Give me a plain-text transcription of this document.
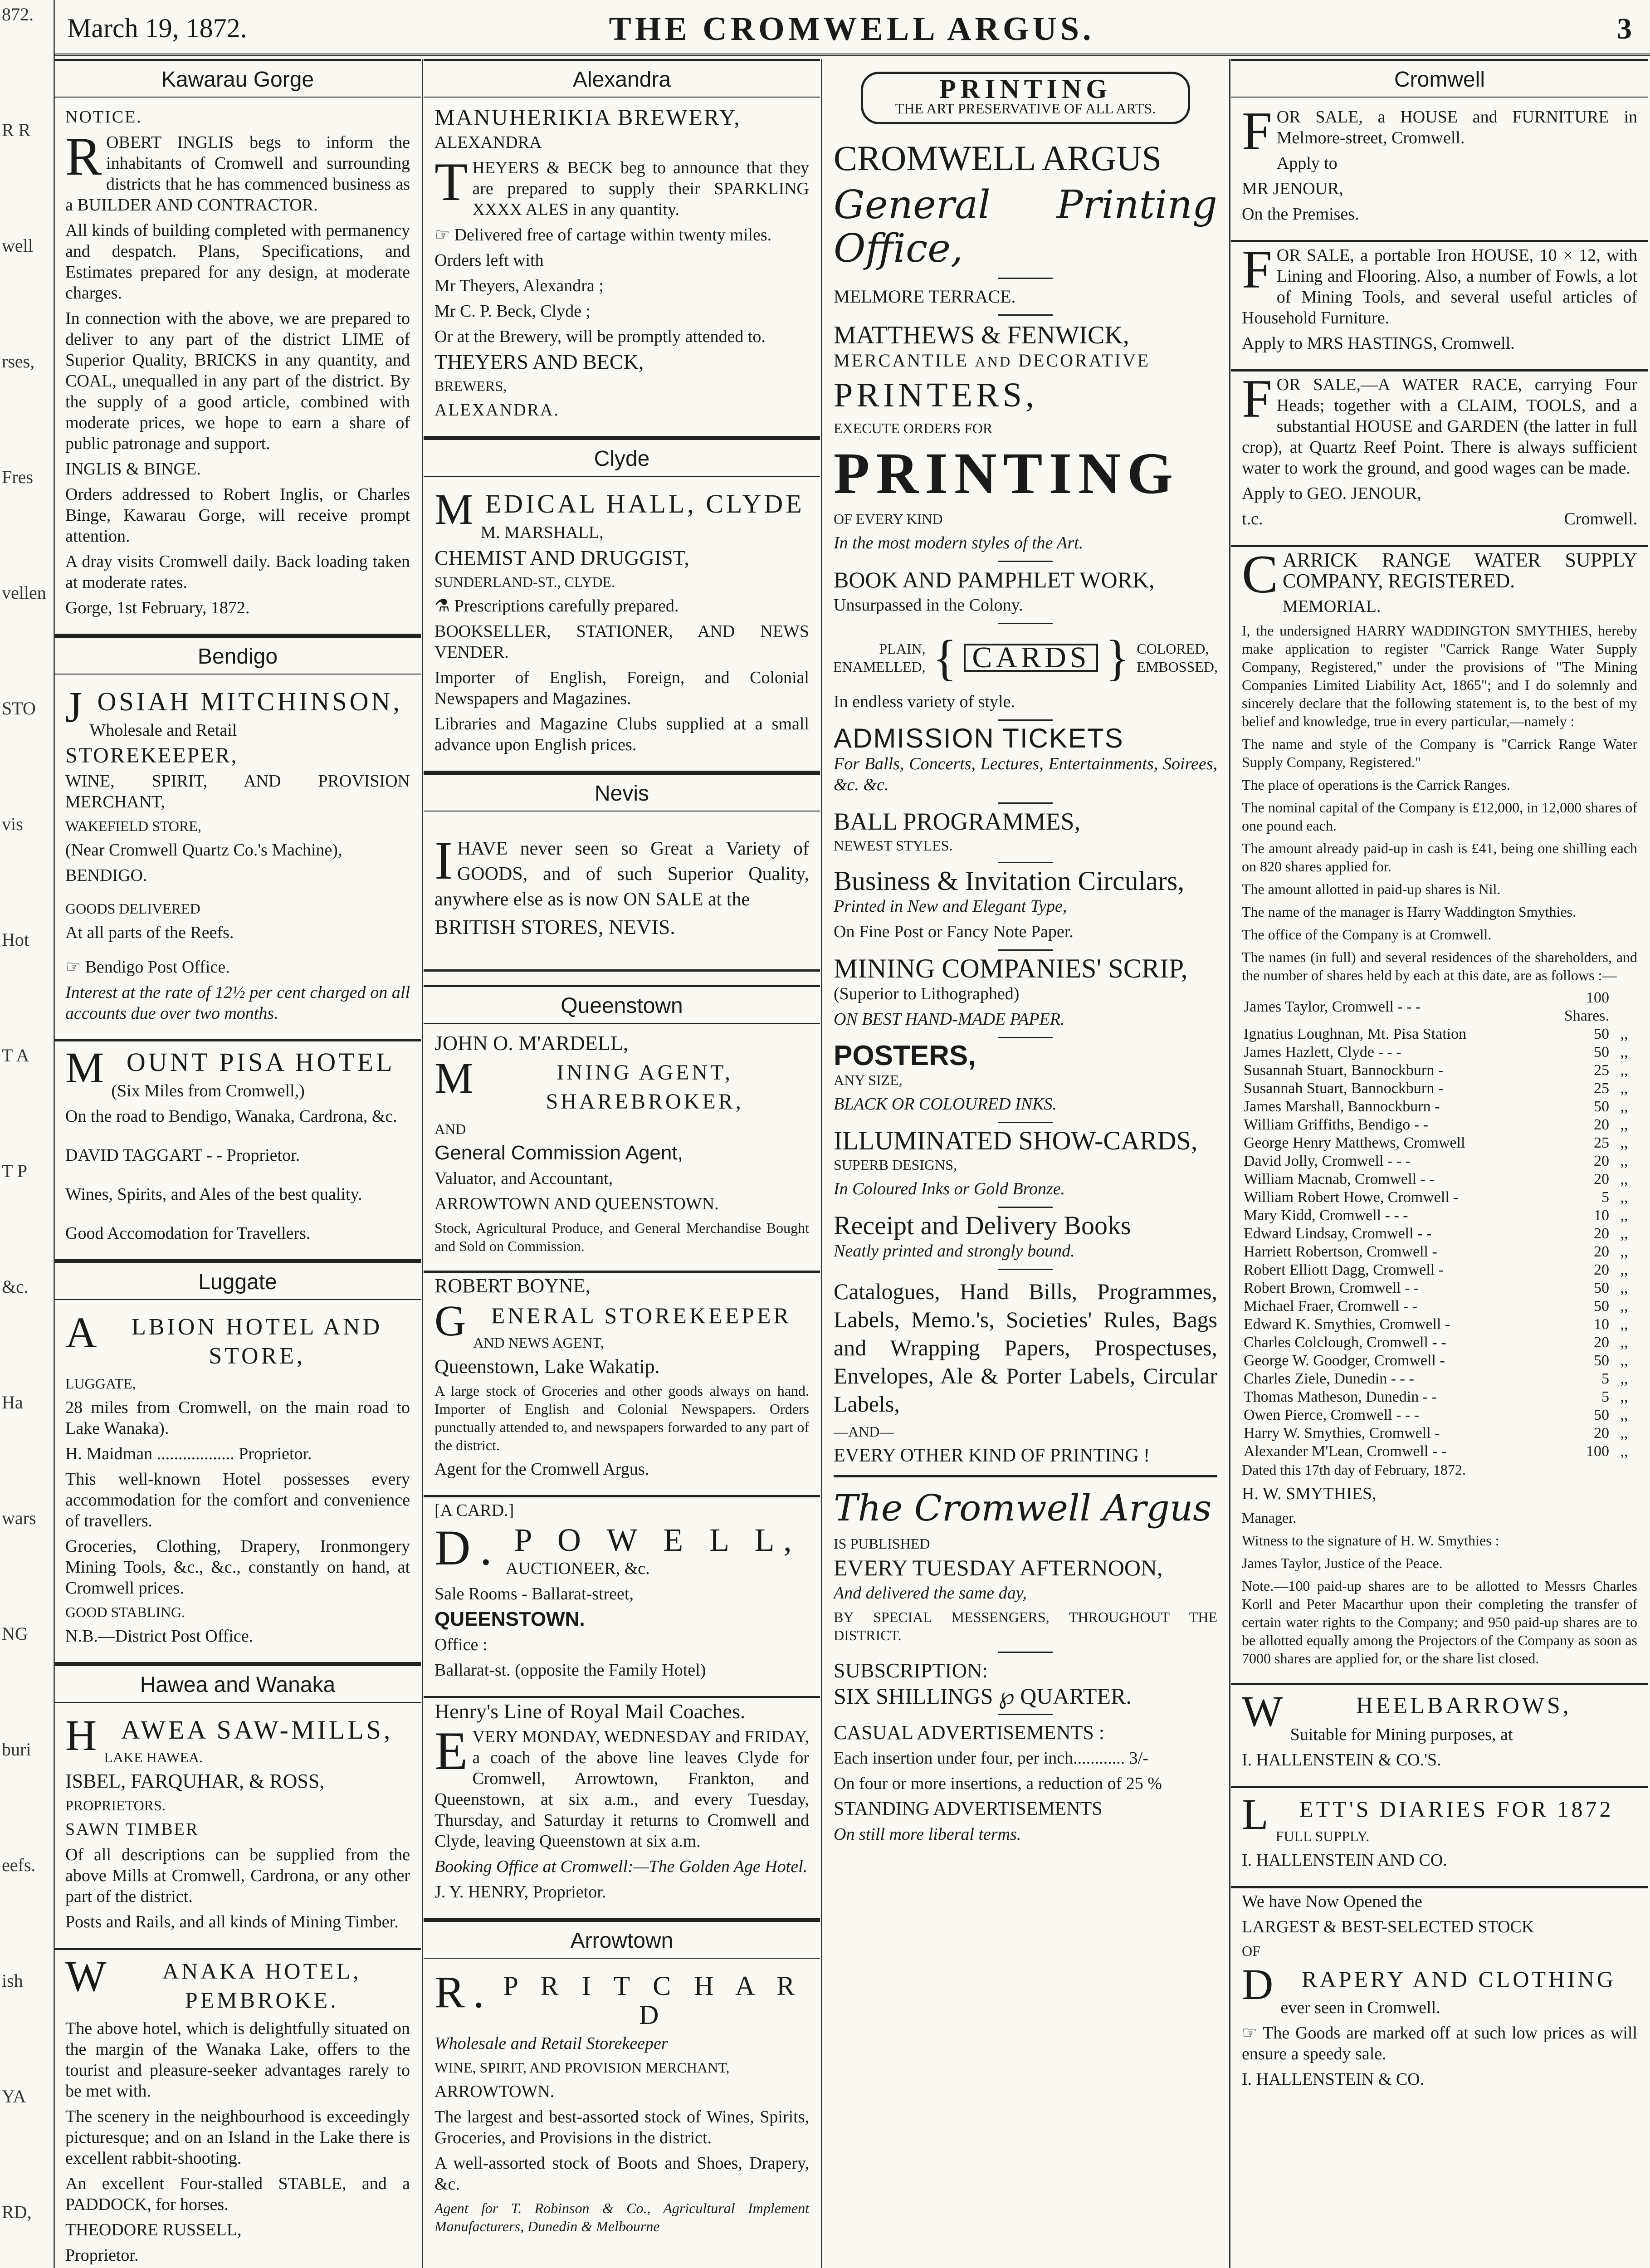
872.
R R
well
rses,
Fres
vellen
STO
vis
Hot
T A
T P
&c.
Ha
wars
NG
buri
eefs.
ish
YA
RD,
March 19, 1872.	THE CROMWELL ARGUS.	3
Kawarau Gorge

NOTICE.

ROBERT INGLIS begs to inform the inhabitants of Cromwell and surrounding districts that he has commenced business as a BUILDER AND CONTRACTOR.

All kinds of building completed with permanency and despatch. Plans, Specifications, and Estimates prepared for any design, at moderate charges.

In connection with the above, we are prepared to deliver to any part of the district LIME of Superior Quality, BRICKS in any quantity, and COAL, unequalled in any part of the district. By the supply of a good article, combined with moderate prices, we hope to earn a share of public patronage and support.

INGLIS & BINGE.

Orders addressed to Robert Inglis, or Charles Binge, Kawarau Gorge, will receive prompt attention.

A dray visits Cromwell daily. Back loading taken at moderate rates.

Gorge, 1st February, 1872.

Bendigo
JOSIAH MITCHINSON,

Wholesale and Retail

STOREKEEPER,

WINE, SPIRIT, AND PROVISION MERCHANT,

WAKEFIELD STORE,

(Near Cromwell Quartz Co.'s Machine),

BENDIGO.

GOODS DELIVERED

At all parts of the Reefs.

☞ Bendigo Post Office.

Interest at the rate of 12½ per cent charged on all accounts due over two months.

MOUNT PISA HOTEL

(Six Miles from Cromwell,)

On the road to Bendigo, Wanaka, Cardrona, &c.

DAVID TAGGART - - Proprietor.

Wines, Spirits, and Ales of the best quality.

Good Accomodation for Travellers.

Luggate
A LBION HOTEL AND STORE,

LUGGATE,

28 miles from Cromwell, on the main road to Lake Wanaka).

H. Maidman .................. Proprietor.

This well-known Hotel possesses every accommodation for the comfort and convenience of travellers.

Groceries, Clothing, Drapery, Ironmongery Mining Tools, &c., &c., constantly on hand, at Cromwell prices.

GOOD STABLING.

N.B.—District Post Office.

Hawea and Wanaka
HAWEA SAW-MILLS,

LAKE HAWEA.

ISBEL, FARQUHAR, & ROSS,

PROPRIETORS.

SAWN TIMBER

Of all descriptions can be supplied from the above Mills at Cromwell, Cardrona, or any other part of the district.

Posts and Rails, and all kinds of Mining Timber.

W ANAKA HOTEL, PEMBROKE.

The above hotel, which is delightfully situated on the margin of the Wanaka Lake, offers to the tourist and pleasure-seeker advantages rarely to be met with.

The scenery in the neighbourhood is exceedingly picturesque; and on an Island in the Lake there is excellent rabbit-shooting.

An excellent Four-stalled STABLE, and a PADDOCK, for horses.

THEODORE RUSSELL,

Proprietor.

Alexandra

MANUHERIKIA BREWERY,

ALEXANDRA

THEYERS & BECK beg to announce that they are prepared to supply their SPARKLING XXXX ALES in any quantity.

☞ Delivered free of cartage within twenty miles.

Orders left with

Mr Theyers, Alexandra ;

Mr C. P. Beck, Clyde ;

Or at the Brewery, will be promptly attended to.

THEYERS AND BECK,

BREWERS,

ALEXANDRA.

Clyde
MEDICAL HALL, CLYDE

M. MARSHALL,

CHEMIST AND DRUGGIST,

SUNDERLAND-ST., CLYDE.

⚗ Prescriptions carefully prepared.

BOOKSELLER, STATIONER, AND NEWS VENDER.

Importer of English, Foreign, and Colonial Newspapers and Magazines.

Libraries and Magazine Clubs supplied at a small advance upon English prices.

Nevis

IHAVE never seen so Great a Variety of GOODS, and of such Superior Quality, anywhere else as is now ON SALE at the

BRITISH STORES, NEVIS.

Queenstown

JOHN O. M'ARDELL,

M	INING AGENT, SHAREBROKER,

AND

General Commission Agent,

Valuator, and Accountant,

ARROWTOWN AND QUEENSTOWN.

Stock, Agricultural Produce, and General Merchandise Bought and Sold on Commission.

ROBERT BOYNE,

GENERAL STOREKEEPER

AND NEWS AGENT,

Queenstown, Lake Wakatip.

A large stock of Groceries and other goods always on hand. Importer of English and Colonial Newspapers. Orders punctually attended to, and newspapers forwarded to any part of the district.

Agent for the Cromwell Argus.

[A CARD.]

D. P O W E L L,

AUCTIONEER, &c.

Sale Rooms - Ballarat-street,

QUEENSTOWN.

Office :

Ballarat-st. (opposite the Family Hotel)

Henry's Line of Royal Mail Coaches.

EVERY MONDAY, WEDNESDAY and FRIDAY, a coach of the above line leaves Clyde for Cromwell, Arrowtown, Frankton, and Queenstown, at six a.m., and every Tuesday, Thursday, and Saturday it returns to Cromwell and Clyde, leaving Queenstown at six a.m.

Booking Office at Cromwell:—The Golden Age Hotel.

J. Y. HENRY, Proprietor.

Arrowtown
R. P R I T C H A R D

Wholesale and Retail Storekeeper

WINE, SPIRIT, AND PROVISION MERCHANT,

ARROWTOWN.

The largest and best-assorted stock of Wines, Spirits, Groceries, and Provisions in the district.

A well-assorted stock of Boots and Shoes, Drapery, &c.

Agent for T. Robinson & Co., Agricultural Implement Manufacturers, Dunedin & Melbourne

PRINTING
THE ART PRESERVATIVE OF ALL ARTS.

CROMWELL ARGUS

General Printing Office,

MELMORE TERRACE.

MATTHEWS & FENWICK,

MERCANTILE AND DECORATIVE

PRINTERS,

EXECUTE ORDERS FOR

PRINTING

OF EVERY KIND

In the most modern styles of the Art.

BOOK AND PAMPHLET WORK,

Unsurpassed in the Colony.

PLAIN,
ENAMELLED, { CARDS } COLORED,
EMBOSSED,

In endless variety of style.

ADMISSION TICKETS

For Balls, Concerts, Lectures, Entertainments, Soirees, &c. &c.

BALL PROGRAMMES,

NEWEST STYLES.

Business & Invitation Circulars,

Printed in New and Elegant Type,

On Fine Post or Fancy Note Paper.

MINING COMPANIES' SCRIP,

(Superior to Lithographed)

ON BEST HAND-MADE PAPER.

POSTERS,

ANY SIZE,

BLACK OR COLOURED INKS.

ILLUMINATED SHOW-CARDS,

SUPERB DESIGNS,

In Coloured Inks or Gold Bronze.

Receipt and Delivery Books

Neatly printed and strongly bound.

Catalogues, Hand Bills, Programmes, Labels, Memo.'s, Societies' Rules, Bags and Wrapping Papers, Prospectuses, Envelopes, Ale & Porter Labels, Circular Labels,

—AND—

EVERY OTHER KIND OF PRINTING !

The Cromwell Argus

IS PUBLISHED

EVERY TUESDAY AFTERNOON,

And delivered the same day,

BY SPECIAL MESSENGERS, THROUGHOUT THE DISTRICT.

SUBSCRIPTION:

SIX SHILLINGS ℘ QUARTER.

CASUAL ADVERTISEMENTS :

Each insertion under four, per inch............ 3/-

On four or more insertions, a reduction of 25 %

STANDING ADVERTISEMENTS

On still more liberal terms.

Cromwell

FOR SALE, a HOUSE and FURNITURE in Melmore-street, Cromwell.

Apply to

MR JENOUR,

On the Premises.

FOR SALE, a portable Iron HOUSE, 10 × 12, with Lining and Flooring. Also, a number of Fowls, a lot of Mining Tools, and several useful articles of Household Furniture.

Apply to MRS HASTINGS, Cromwell.

FOR SALE,—A WATER RACE, carrying Four Heads; together with a CLAIM, TOOLS, and a substantial HOUSE and GARDEN (the latter in full crop), at Quartz Reef Point. There is always sufficient water to work the ground, and good wages can be made.

Apply to GEO. JENOUR,

t.c.	Cromwell.

CARRICK RANGE WATER SUPPLY COMPANY, REGISTERED.

MEMORIAL.

I, the undersigned HARRY WADDINGTON SMYTHIES, hereby make application to register "Carrick Range Water Supply Company, Registered," under the provisions of "The Mining Companies Limited Liability Act, 1865"; and I do solemnly and sincerely declare that the following statement is, to the best of my belief and knowledge, true in every particular,—namely :

The name and style of the Company is "Carrick Range Water Supply Company, Registered."

The place of operations is the Carrick Ranges.

The nominal capital of the Company is £12,000, in 12,000 shares of one pound each.

The amount already paid-up in cash is £41, being one shilling each on 820 shares applied for.

The amount allotted in paid-up shares is Nil.

The name of the manager is Harry Waddington Smythies.

The office of the Company is at Cromwell.

The names (in full) and several residences of the shareholders, and the number of shares held by each at this date, are as follows :—

James Taylor, Cromwell - - -	100 Shares.	
Ignatius Loughnan, Mt. Pisa Station	50	,,
James Hazlett, Clyde - - -	50	,,
Susannah Stuart, Bannockburn -	25	,,
Susannah Stuart, Bannockburn -	25	,,
James Marshall, Bannockburn -	50	,,
William Griffiths, Bendigo - -	20	,,
George Henry Matthews, Cromwell	25	,,
David Jolly, Cromwell - - -	20	,,
William Macnab, Cromwell - -	20	,,
William Robert Howe, Cromwell -	5	,,
Mary Kidd, Cromwell - - -	10	,,
Edward Lindsay, Cromwell - -	20	,,
Harriett Robertson, Cromwell -	20	,,
Robert Elliott Dagg, Cromwell -	20	,,
Robert Brown, Cromwell - -	50	,,
Michael Fraer, Cromwell - -	50	,,
Edward K. Smythies, Cromwell -	10	,,
Charles Colclough, Cromwell - -	20	,,
George W. Goodger, Cromwell -	50	,,
Charles Ziele, Dunedin - - -	5	,,
Thomas Matheson, Dunedin - -	5	,,
Owen Pierce, Cromwell - - -	50	,,
Harry W. Smythies, Cromwell -	20	,,
Alexander M'Lean, Cromwell - -	100	,,

Dated this 17th day of February, 1872.

H. W. SMYTHIES,

Manager.

Witness to the signature of H. W. Smythies :

James Taylor, Justice of the Peace.

Note.—100 paid-up shares are to be allotted to Messrs Charles Korll and Peter Macarthur upon their completing the transfer of certain water rights to the Company; and 950 paid-up shares are to be allotted equally among the Projectors of the Company as soon as 7000 shares are applied for, or the share list closed.

W	HEELBARROWS,

Suitable for Mining purposes, at

I. HALLENSTEIN & CO.'S.

L ETT'S DIARIES FOR 1872

FULL SUPPLY.

I. HALLENSTEIN AND CO.

We have Now Opened the

LARGEST & BEST-SELECTED STOCK

OF

D RAPERY AND CLOTHING

ever seen in Cromwell.

☞ The Goods are marked off at such low prices as will ensure a speedy sale.

I. HALLENSTEIN & CO.
